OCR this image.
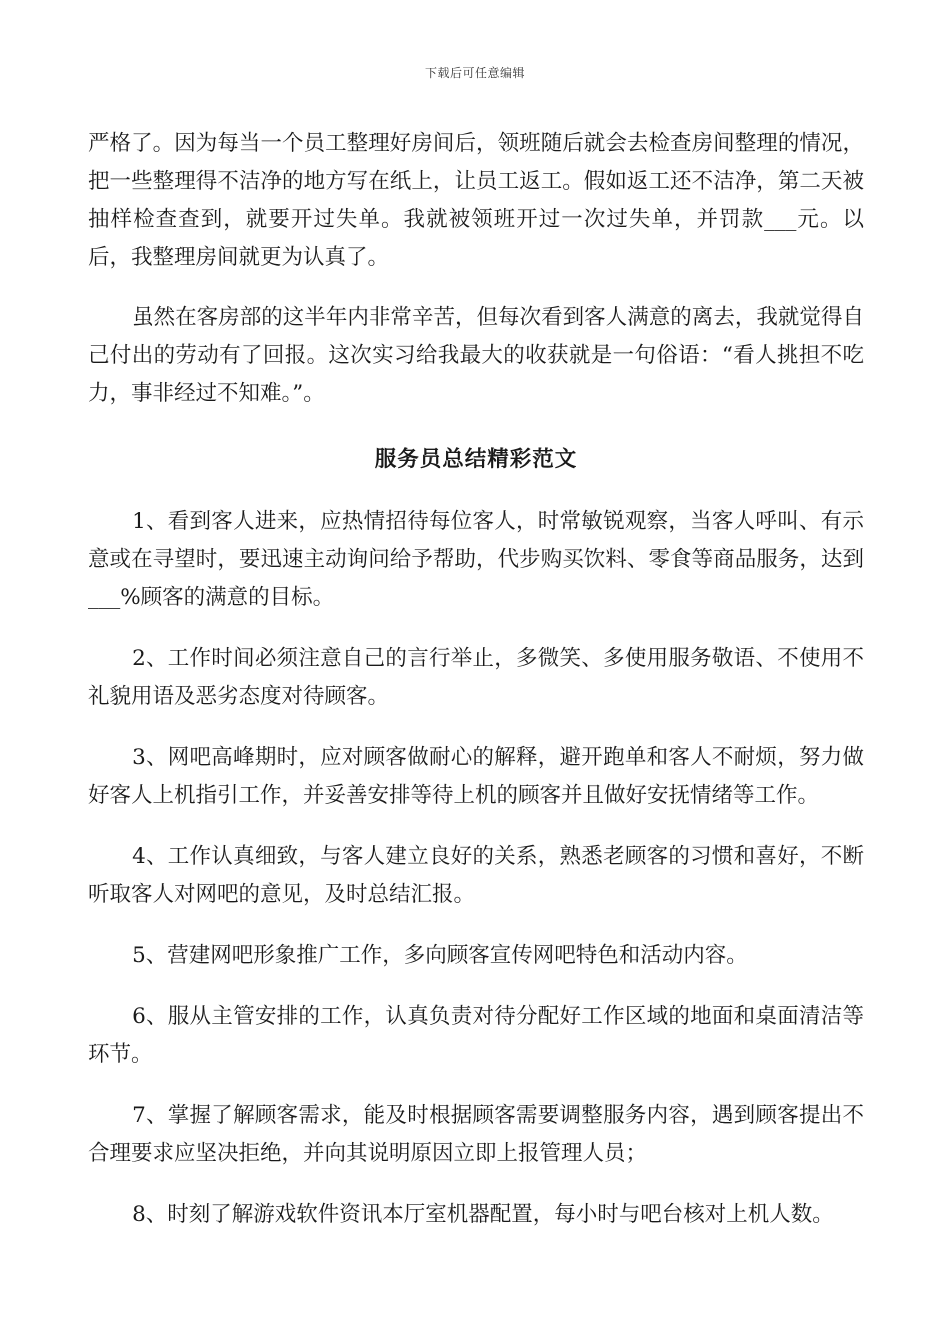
下载后可任意编辑

严格了。因为每当一个员工整理好房间后，领班随后就会去检查房间整理的情况，把一些整理得不洁净的地方写在纸上，让员工返工。假如返工还不洁净，第二天被抽样检查查到，就要开过失单。我就被领班开过一次过失单，并罚款___元。以后，我整理房间就更为认真了。

虽然在客房部的这半年内非常辛苦，但每次看到客人满意的离去，我就觉得自己付出的劳动有了回报。这次实习给我最大的收获就是一句俗语：“看人挑担不吃力，事非经过不知难。”。

服务员总结精彩范文

1、看到客人进来，应热情招待每位客人，时常敏锐观察，当客人呼叫、有示意或在寻望时，要迅速主动询问给予帮助，代步购买饮料、零食等商品服务，达到___%顾客的满意的目标。

2、工作时间必须注意自己的言行举止，多微笑、多使用服务敬语、不使用不礼貌用语及恶劣态度对待顾客。

3、网吧高峰期时，应对顾客做耐心的解释，避开跑单和客人不耐烦，努力做好客人上机指引工作，并妥善安排等待上机的顾客并且做好安抚情绪等工作。

4、工作认真细致，与客人建立良好的关系，熟悉老顾客的习惯和喜好，不断听取客人对网吧的意见，及时总结汇报。

5、营建网吧形象推广工作，多向顾客宣传网吧特色和活动内容。

6、服从主管安排的工作，认真负责对待分配好工作区域的地面和桌面清洁等环节。

7、掌握了解顾客需求，能及时根据顾客需要调整服务内容，遇到顾客提出不合理要求应坚决拒绝，并向其说明原因立即上报管理人员；

8、时刻了解游戏软件资讯本厅室机器配置，每小时与吧台核对上机人数。
